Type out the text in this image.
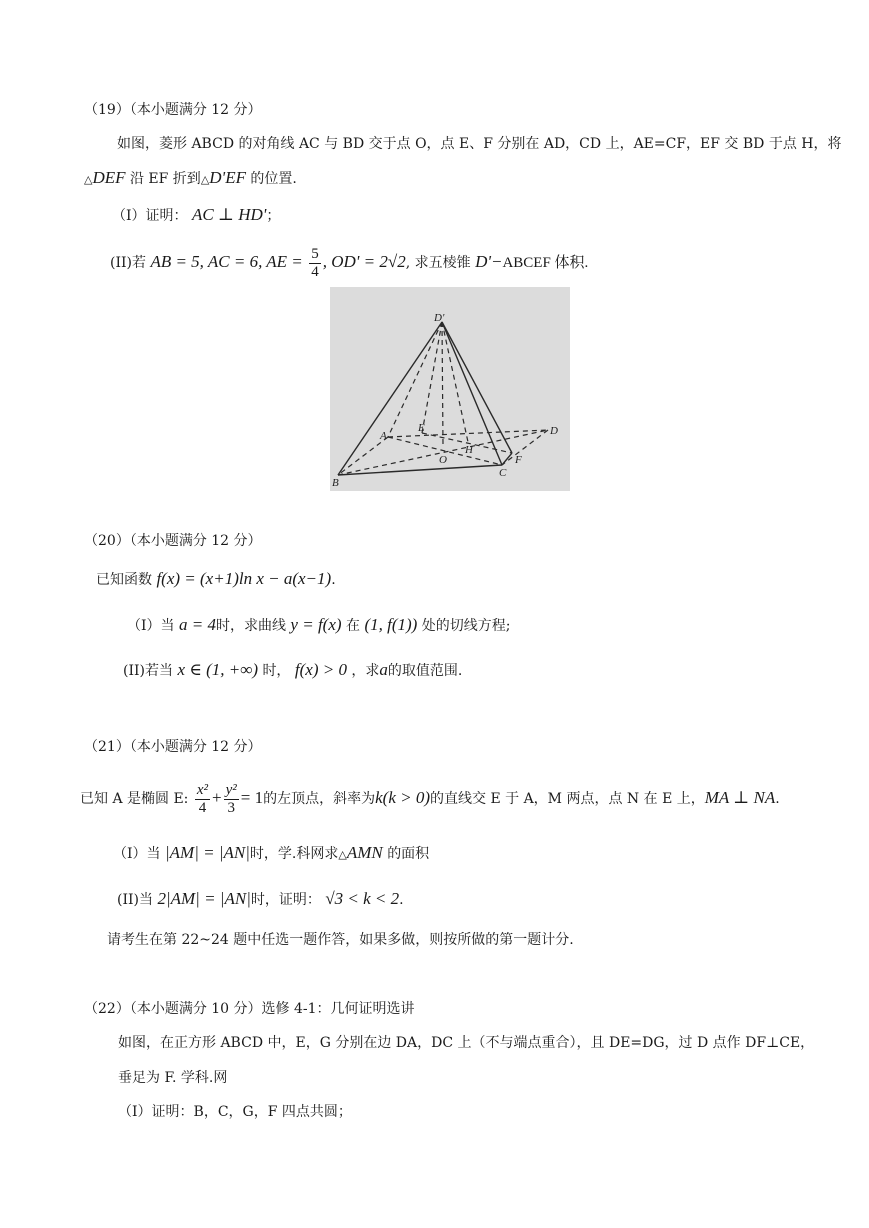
（19）（本小题满分 12 分）
如图，菱形 ABCD 的对角线 AC 与 BD 交于点 O，点 E、F 分别在 AD，CD 上，AE=CF，EF 交 BD 于点 H，将
△DEF 沿 EF 折到△D'EF 的位置.
（I）证明： AC ⊥ HD'；
(II)若 AB = 5, AC = 6, AE = $\frac{5}{4}$ , OD' = 2√2, 求五棱锥 D'−ABCEF 体积.
D'
A
E	D
O
H
C
F
B
（20）（本小题满分 12 分）
已知函数 f(x) = (x+1)ln x − a(x−1).
（I）当 a = 4时，求曲线 y = f(x) 在 (1, f(1)) 处的切线方程;
(II)若当 x ∈ (1, +∞) 时， f(x) > 0 ，求a的取值范围.
（21）（本小题满分 12 分）
已知 A 是椭圆 E: $\frac{\text{x²}}{4} + \frac{\text{y²}}{3} = 1$的左顶点，斜率为k(k > 0)的直线交 E 于 A，M 两点，点 N 在 E 上，MA ⊥ NA.
（I）当 |AM| = |AN|时，学.科网求△AMN 的面积
(II)当 2|AM| = |AN|时，证明： √3 < k < 2.
请考生在第 22~24 题中任选一题作答，如果多做，则按所做的第一题计分.
（22）（本小题满分 10 分）选修 4-1：几何证明选讲
如图，在正方形 ABCD 中，E，G 分别在边 DA，DC 上（不与端点重合），且 DE=DG，过 D 点作 DF⊥CE，
垂足为 F. 学科.网
（Ⅰ）证明：B，C，G，F 四点共圆；
